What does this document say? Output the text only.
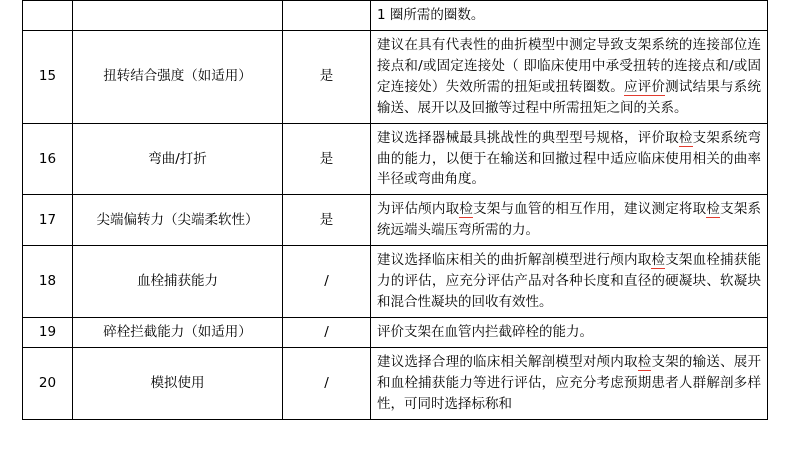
			1 圈所需的圈数。
15	扭转结合强度（如适用）	是	建议在具有代表性的曲折模型中测定导致支架系统的连接部位连接点和/或固定连接处（ 即临床使用中承受扭转的连接点和/或固定连接处）失效所需的扭矩或扭转圈数。应评价测试结果与系统输送、展开以及回撤等过程中所需扭矩之间的关系。
16	弯曲/打折	是	建议选择器械最具挑战性的典型型号规格，评价取检支架系统弯曲的能力，以便于在输送和回撤过程中适应临床使用相关的曲率半径或弯曲角度。
17	尖端偏转力（尖端柔软性）	是	为评估颅内取检支架与血管的相互作用，建议测定将取检支架系统远端头端压弯所需的力。
18	血栓捕获能力	/	建议选择临床相关的曲折解剖模型进行颅内取检支架血栓捕获能力的评估，应充分评估产品对各种长度和直径的硬凝块、软凝块和混合性凝块的回收有效性。
19	碎栓拦截能力（如适用）	/	评价支架在血管内拦截碎栓的能力。
20	模拟使用	/	建议选择合理的临床相关解剖模型对颅内取检支架的输送、展开和血栓捕获能力等进行评估，应充分考虑预期患者人群解剖多样性，可同时选择标称和
